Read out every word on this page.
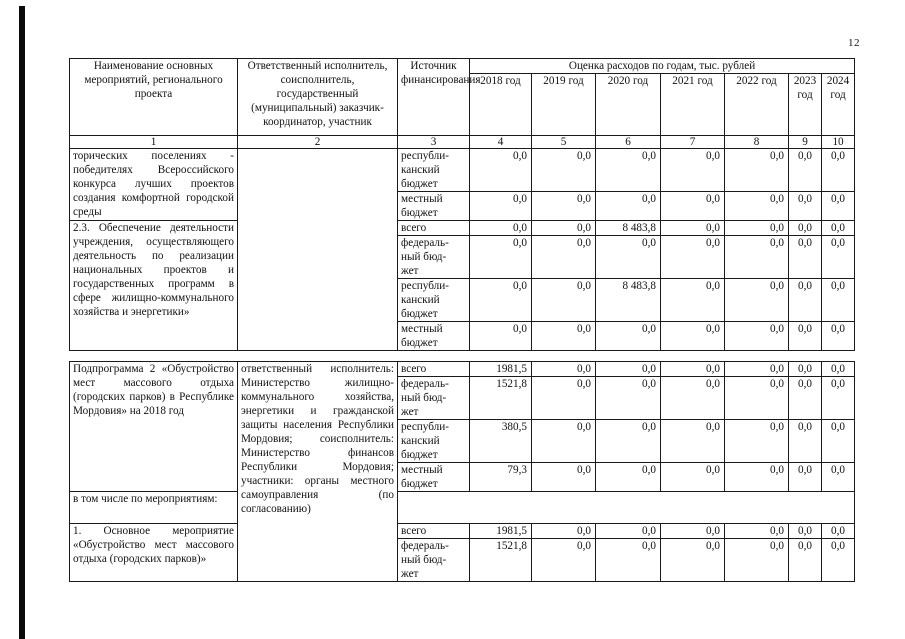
12
Наименование основных мероприятий, регионального проекта	Ответственный исполнитель, соисполнитель, государственный (муниципальный) заказчик-координатор, участник	Источник финансирования	Оценка расходов по годам, тыс. рублей						
			2018 год	2019 год	2020 год	2021 год	2022 год	2023 год	2024 год
1	2	3	4	5	6	7	8	9	10
торических поселениях - победителях Всероссийского конкурса лучших проектов создания комфортной городской среды		республи-
канский
бюджет	0,0	0,0	0,0	0,0	0,0	0,0	0,0
		местный
бюджет	0,0	0,0	0,0	0,0	0,0	0,0	0,0
2.3. Обеспечение деятельности учреждения, осуществляющего деятельность по реализации национальных проектов и государственных программ в сфере жилищно-коммунального хозяйства и энергетики»		всего	0,0	0,0	8 483,8	0,0	0,0	0,0	0,0
		федераль-
ный бюд-
жет	0,0	0,0	0,0	0,0	0,0	0,0	0,0
		республи-
канский
бюджет	0,0	0,0	8 483,8	0,0	0,0	0,0	0,0
		местный
бюджет	0,0	0,0	0,0	0,0	0,0	0,0	0,0
Подпрограмма 2 «Обустройство мест массового отдыха (городских парков) в Республике Мордовия» на 2018 год	ответственный исполнитель: Министерство жилищно-коммунального хозяйства, энергетики и гражданской защиты населения Республики Мордовия; соисполнитель: Министерство финансов Республики Мордовия; участники: органы местного самоуправления (по согласованию)	всего	1981,5	0,0	0,0	0,0	0,0	0,0	0,0
		федераль-
ный бюд-
жет	1521,8	0,0	0,0	0,0	0,0	0,0	0,0
		республи-
канский
бюджет	380,5	0,0	0,0	0,0	0,0	0,0	0,0
		местный
бюджет	79,3	0,0	0,0	0,0	0,0	0,0	0,0
в том числе по мероприятиям:									
1. Основное мероприятие «Обустройство мест массового отдыха (городских парков)»		всего	1981,5	0,0	0,0	0,0	0,0	0,0	0,0
		федераль-
ный бюд-
жет	1521,8	0,0	0,0	0,0	0,0	0,0	0,0
